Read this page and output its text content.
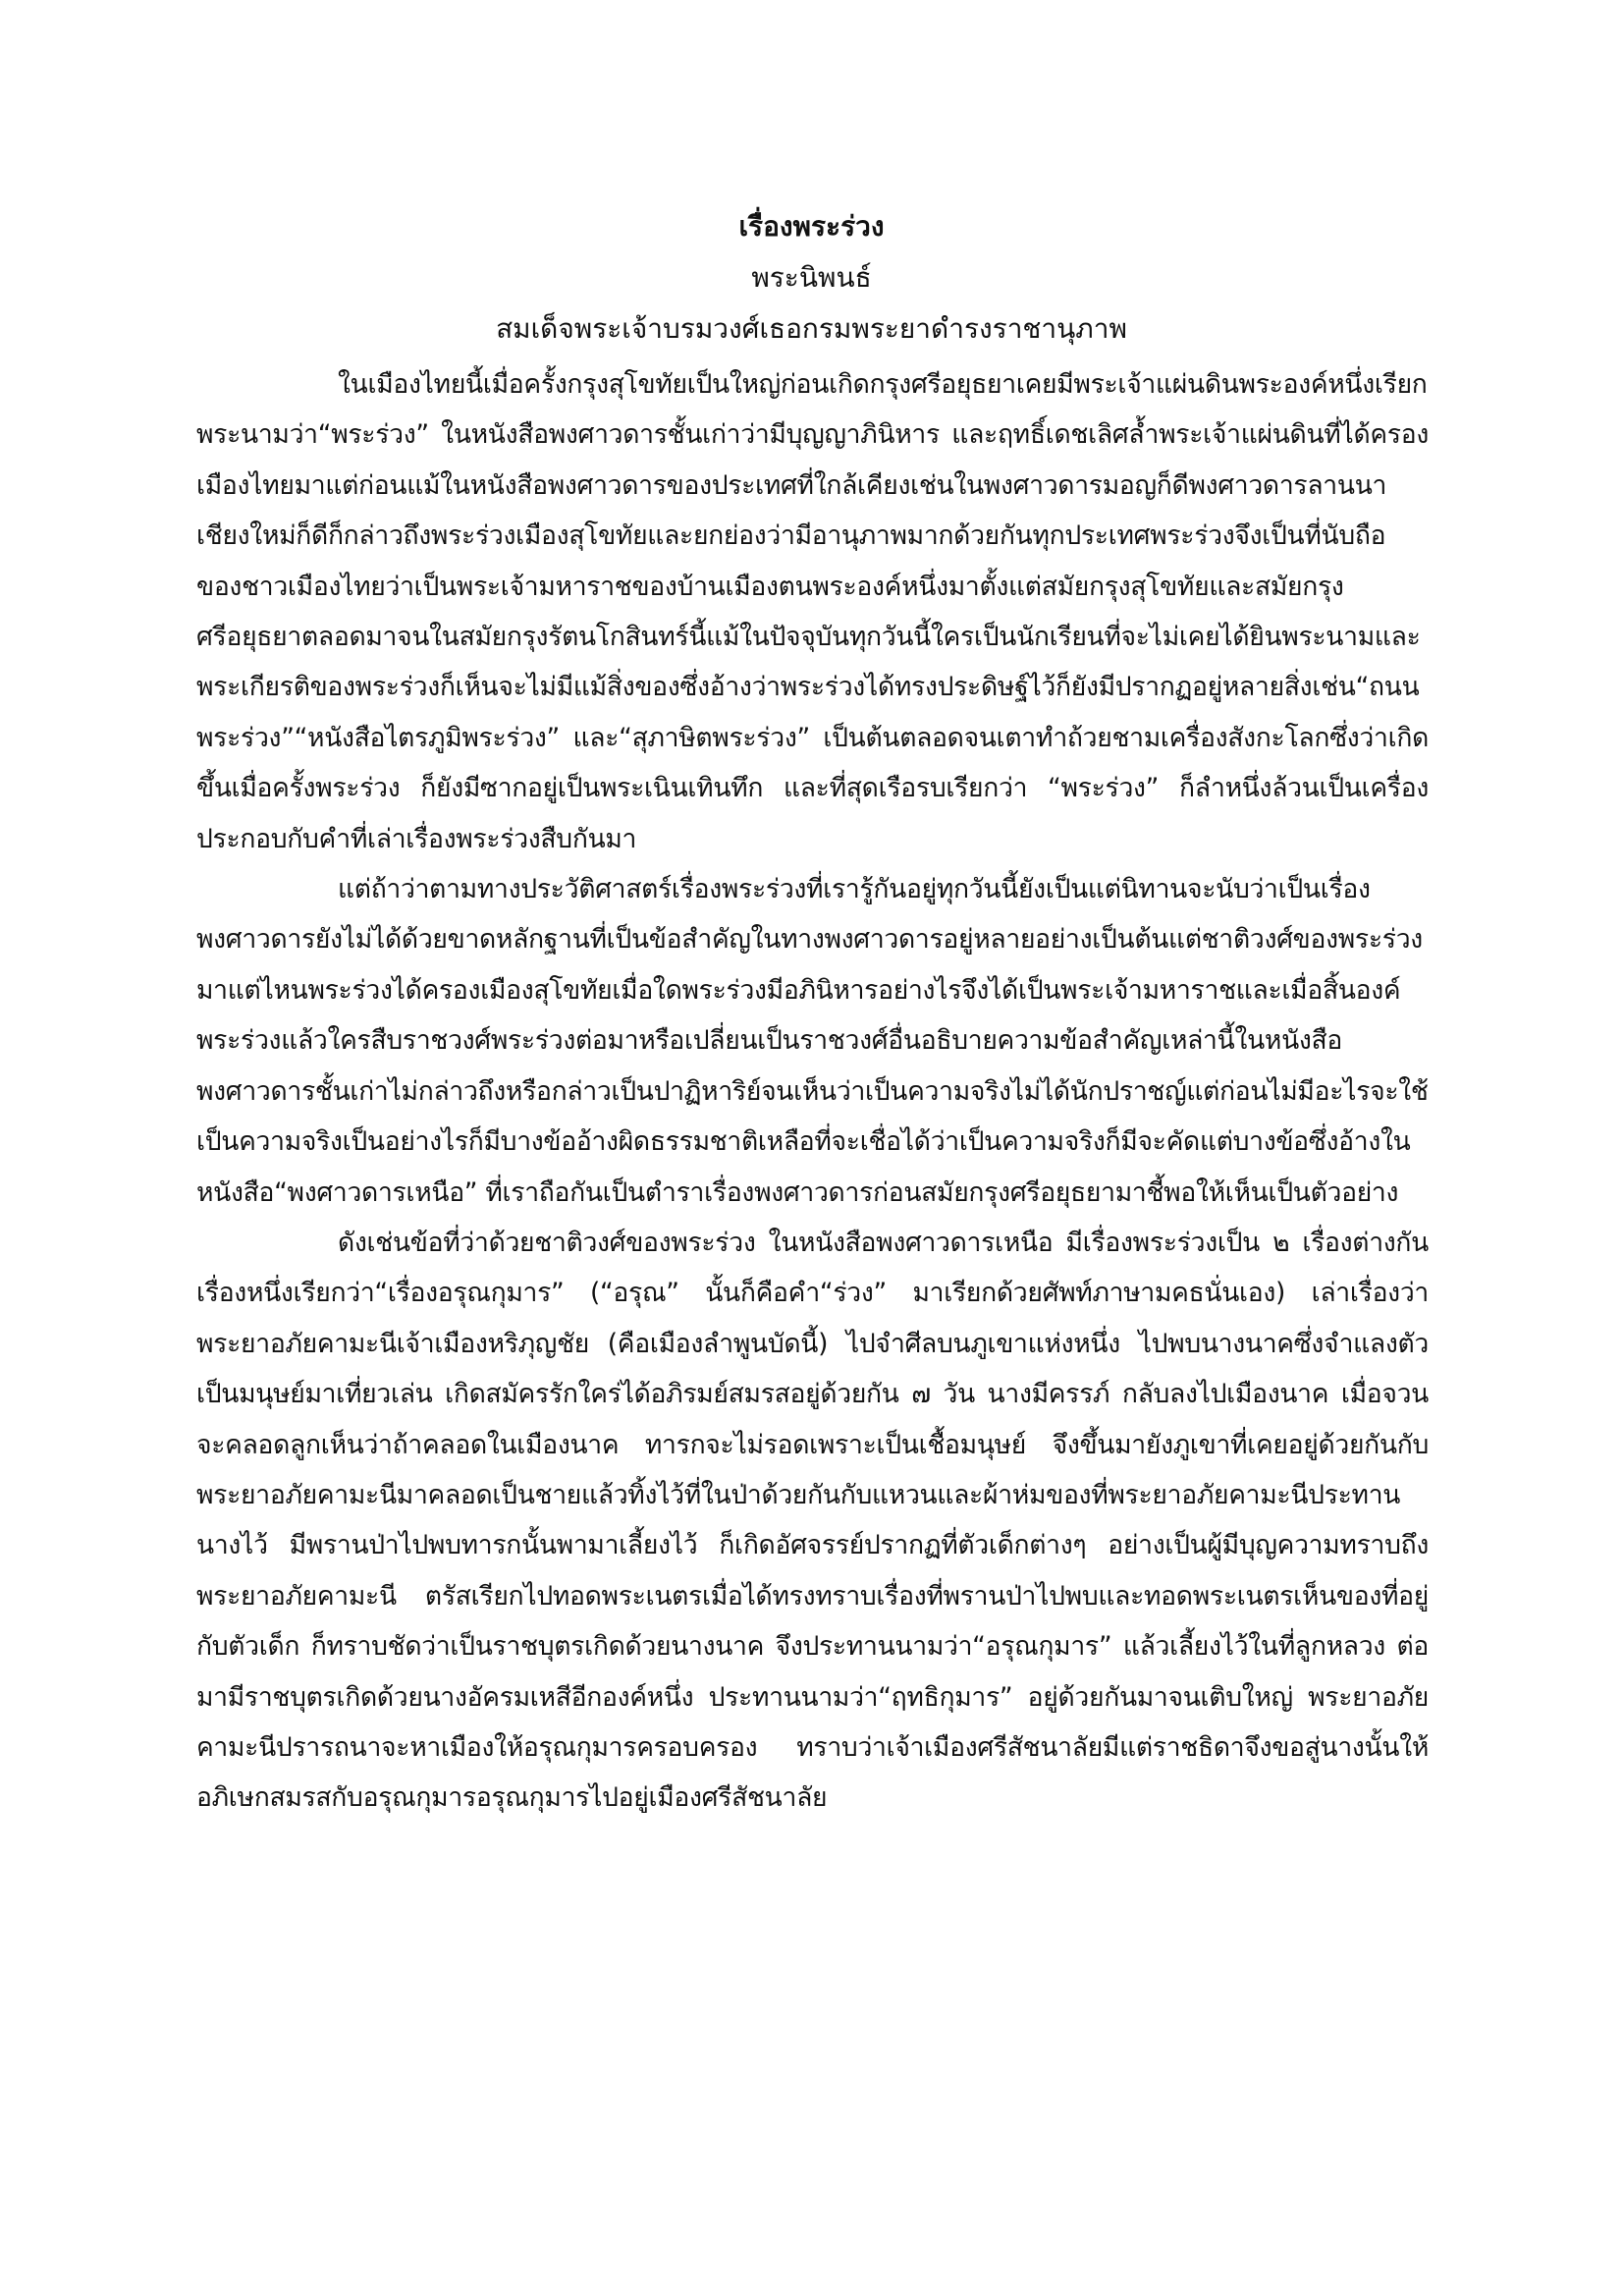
เรื่องพระร่วง

พระนิพนธ์

สมเด็จพระเจ้าบรมวงศ์เธอกรมพระยาดำรงราชานุภาพ

ในเมืองไทยนี้เมื่อครั้งกรุงสุโขทัยเป็นใหญ่ก่อนเกิดกรุงศรีอยุธยาเคยมีพระเจ้าแผ่นดินพระองค์หนึ่งเรียกพระนามว่า“พระร่วง” ในหนังสือพงศาวดารชั้นเก่าว่ามีบุญญาภินิหาร และฤทธิ์เดชเลิศล้ำพระเจ้าแผ่นดินที่ได้ครองเมืองไทยมาแต่ก่อนแม้ในหนังสือพงศาวดารของประเทศที่ใกล้เคียงเช่นในพงศาวดารมอญก็ดีพงศาวดารลานนาเชียงใหม่ก็ดีก็กล่าวถึงพระร่วงเมืองสุโขทัยและยกย่องว่ามีอานุภาพมากด้วยกันทุกประเทศพระร่วงจึงเป็นที่นับถือของชาวเมืองไทยว่าเป็นพระเจ้ามหาราชของบ้านเมืองตนพระองค์หนึ่งมาตั้งแต่สมัยกรุงสุโขทัยและสมัยกรุงศรีอยุธยาตลอดมาจนในสมัยกรุงรัตนโกสินทร์นี้แม้ในปัจจุบันทุกวันนี้ใครเป็นนักเรียนที่จะไม่เคยได้ยินพระนามและพระเกียรติของพระร่วงก็เห็นจะไม่มีแม้สิ่งของซึ่งอ้างว่าพระร่วงได้ทรงประดิษฐ์ไว้ก็ยังมีปรากฏอยู่หลายสิ่งเช่น“ถนนพระร่วง”“หนังสือไตรภูมิพระร่วง” และ“สุภาษิตพระร่วง” เป็นต้นตลอดจนเตาทำถ้วยชามเครื่องสังกะโลกซึ่งว่าเกิดขึ้นเมื่อครั้งพระร่วง ก็ยังมีซากอยู่เป็นพระเนินเทินทึก และที่สุดเรือรบเรียกว่า “พระร่วง” ก็ลำหนึ่งล้วนเป็นเครื่องประกอบกับคำที่เล่าเรื่องพระร่วงสืบกันมา

แต่ถ้าว่าตามทางประวัติศาสตร์เรื่องพระร่วงที่เรารู้กันอยู่ทุกวันนี้ยังเป็นแต่นิทานจะนับว่าเป็นเรื่องพงศาวดารยังไม่ได้ด้วยขาดหลักฐานที่เป็นข้อสำคัญในทางพงศาวดารอยู่หลายอย่างเป็นต้นแต่ชาติวงศ์ของพระร่วงมาแต่ไหนพระร่วงได้ครองเมืองสุโขทัยเมื่อใดพระร่วงมีอภินิหารอย่างไรจึงได้เป็นพระเจ้ามหาราชและเมื่อสิ้นองค์พระร่วงแล้วใครสืบราชวงศ์พระร่วงต่อมาหรือเปลี่ยนเป็นราชวงศ์อื่นอธิบายความข้อสำคัญเหล่านี้ในหนังสือพงศาวดารชั้นเก่าไม่กล่าวถึงหรือกล่าวเป็นปาฏิหาริย์จนเห็นว่าเป็นความจริงไม่ได้นักปราชญ์แต่ก่อนไม่มีอะไรจะใช้เป็นความจริงเป็นอย่างไรก็มีบางข้ออ้างผิดธรรมชาติเหลือที่จะเชื่อได้ว่าเป็นความจริงก็มีจะคัดแต่บางข้อซึ่งอ้างในหนังสือ“พงศาวดารเหนือ” ที่เราถือกันเป็นตำราเรื่องพงศาวดารก่อนสมัยกรุงศรีอยุธยามาชี้พอให้เห็นเป็นตัวอย่าง

ดังเช่นข้อที่ว่าด้วยชาติวงศ์ของพระร่วง ในหนังสือพงศาวดารเหนือ มีเรื่องพระร่วงเป็น ๒ เรื่องต่างกัน เรื่องหนึ่งเรียกว่า“เรื่องอรุณกุมาร” (“อรุณ” นั้นก็คือคำ“ร่วง” มาเรียกด้วยศัพท์ภาษามคธนั่นเอง) เล่าเรื่องว่าพระยาอภัยคามะนีเจ้าเมืองหริภุญชัย (คือเมืองลำพูนบัดนี้) ไปจำศีลบนภูเขาแห่งหนึ่ง ไปพบนางนาคซึ่งจำแลงตัวเป็นมนุษย์มาเที่ยวเล่น เกิดสมัครรักใคร่ได้อภิรมย์สมรสอยู่ด้วยกัน ๗ วัน นางมีครรภ์ กลับลงไปเมืองนาค เมื่อจวนจะคลอดลูกเห็นว่าถ้าคลอดในเมืองนาค ทารกจะไม่รอดเพราะเป็นเชื้อมนุษย์ จึงขึ้นมายังภูเขาที่เคยอยู่ด้วยกันกับพระยาอภัยคามะนีมาคลอดเป็นชายแล้วทิ้งไว้ที่ในป่าด้วยกันกับแหวนและผ้าห่มของที่พระยาอภัยคามะนีประทานนางไว้ มีพรานป่าไปพบทารกนั้นพามาเลี้ยงไว้ ก็เกิดอัศจรรย์ปรากฏที่ตัวเด็กต่างๆ อย่างเป็นผู้มีบุญความทราบถึงพระยาอภัยคามะนี ตรัสเรียกไปทอดพระเนตรเมื่อได้ทรงทราบเรื่องที่พรานป่าไปพบและทอดพระเนตรเห็นของที่อยู่กับตัวเด็ก ก็ทราบชัดว่าเป็นราชบุตรเกิดด้วยนางนาค จึงประทานนามว่า“อรุณกุมาร” แล้วเลี้ยงไว้ในที่ลูกหลวง ต่อมามีราชบุตรเกิดด้วยนางอัครมเหสีอีกองค์หนึ่ง ประทานนามว่า“ฤทธิกุมาร” อยู่ด้วยกันมาจนเติบใหญ่ พระยาอภัยคามะนีปรารถนาจะหาเมืองให้อรุณกุมารครอบครอง ทราบว่าเจ้าเมืองศรีสัชนาลัยมีแต่ราชธิดาจึงขอสู่นางนั้นให้อภิเษกสมรสกับอรุณกุมารอรุณกุมารไปอยู่เมืองศรีสัชนาลัย
